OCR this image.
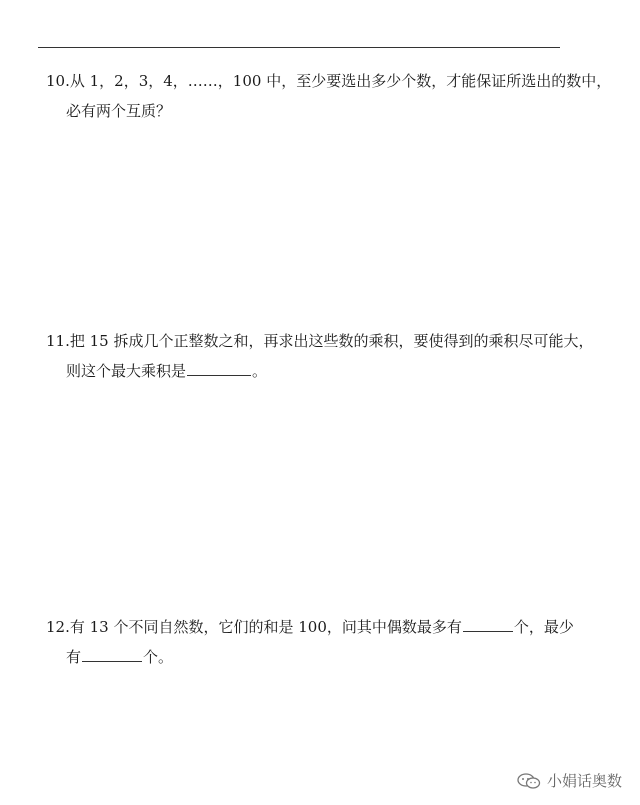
10.从 1，2，3，4，……，100 中，至少要选出多少个数，才能保证所选出的数中，
必有两个互质？
11.把 15 拆成几个正整数之和，再求出这些数的乘积，要使得到的乘积尽可能大，
则这个最大乘积是	。
12.有 13 个不同自然数，它们的和是 100，问其中偶数最多有	个，最少
有	个。
小娟话奥数
